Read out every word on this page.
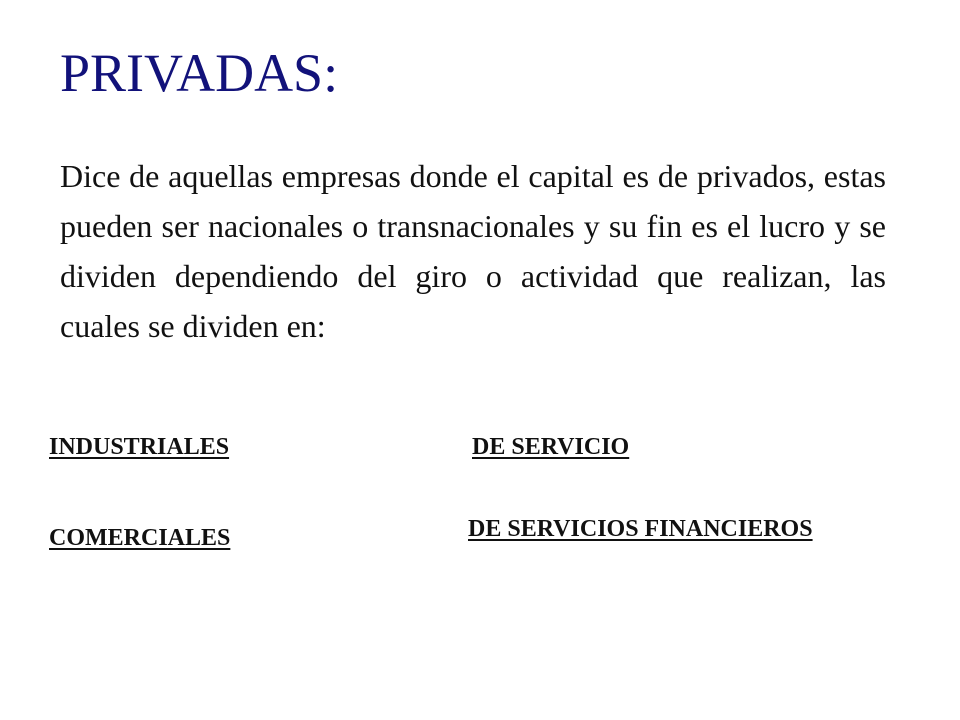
PRIVADAS:

Dice de aquellas empresas donde el capital es de privados, estas pueden ser nacionales o transnacionales y su fin es el lucro y se dividen dependiendo del giro o actividad que realizan, las cuales se dividen en:

INDUSTRIALES	DE SERVICIO
COMERCIALES	DE SERVICIOS FINANCIEROS
